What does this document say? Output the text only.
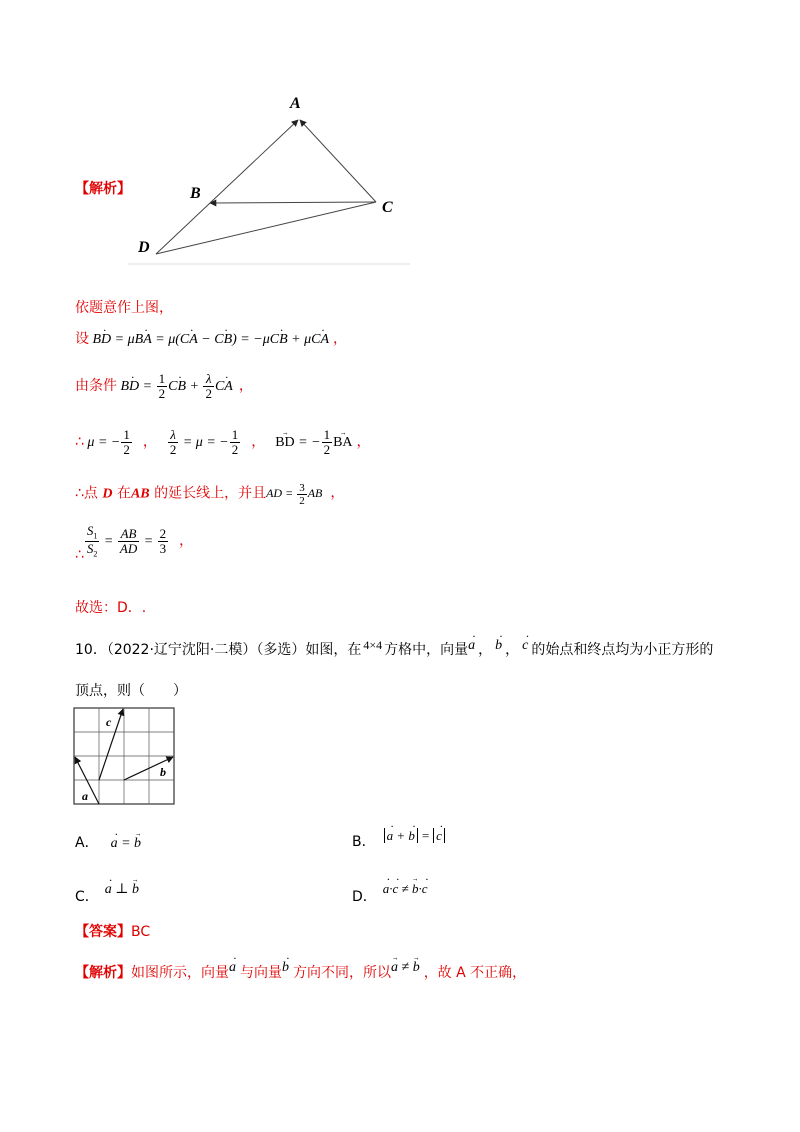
A
B
C
D
【解析】
依题意作上图，
设 BD · = μBA · = μ(CA · − CB ·) = −μCB · + μCA · ，
由条件 BD · = $\frac{1}{2}$ CB · + $\frac{\lambda}{2}$ CA · ，
∴ μ = − $\frac{1}{2}$ ， $\frac{\lambda}{2} = \mu$ = − $\frac{1}{2}$ ， BD → = − $\frac{1}{2}$ BA → ，
∴点 D 在AB 的延长线上，并且AD = $\frac{3}{2}$ AB ，
∴ $\frac{S_1}{S_2} = \frac{AB}{AD} = \frac{2}{3}$ ，
故选：D．.
10．（2022·辽宁沈阳·二模）（多选）如图，在 4×4 方格中，向量a · ， b · ， c · 的始点和终点均为小正方形的
顶点，则（　　）
a
b
c
A． a · = b →	B． a · + b · = c ·
C． a · ⊥ b →	D．a ··c · ≠ b →·c ·
【答案】BC
【解析】如图所示，向量a · 与向量b · 方向不同，所以a → ≠ b → ，故 A 不正确，
